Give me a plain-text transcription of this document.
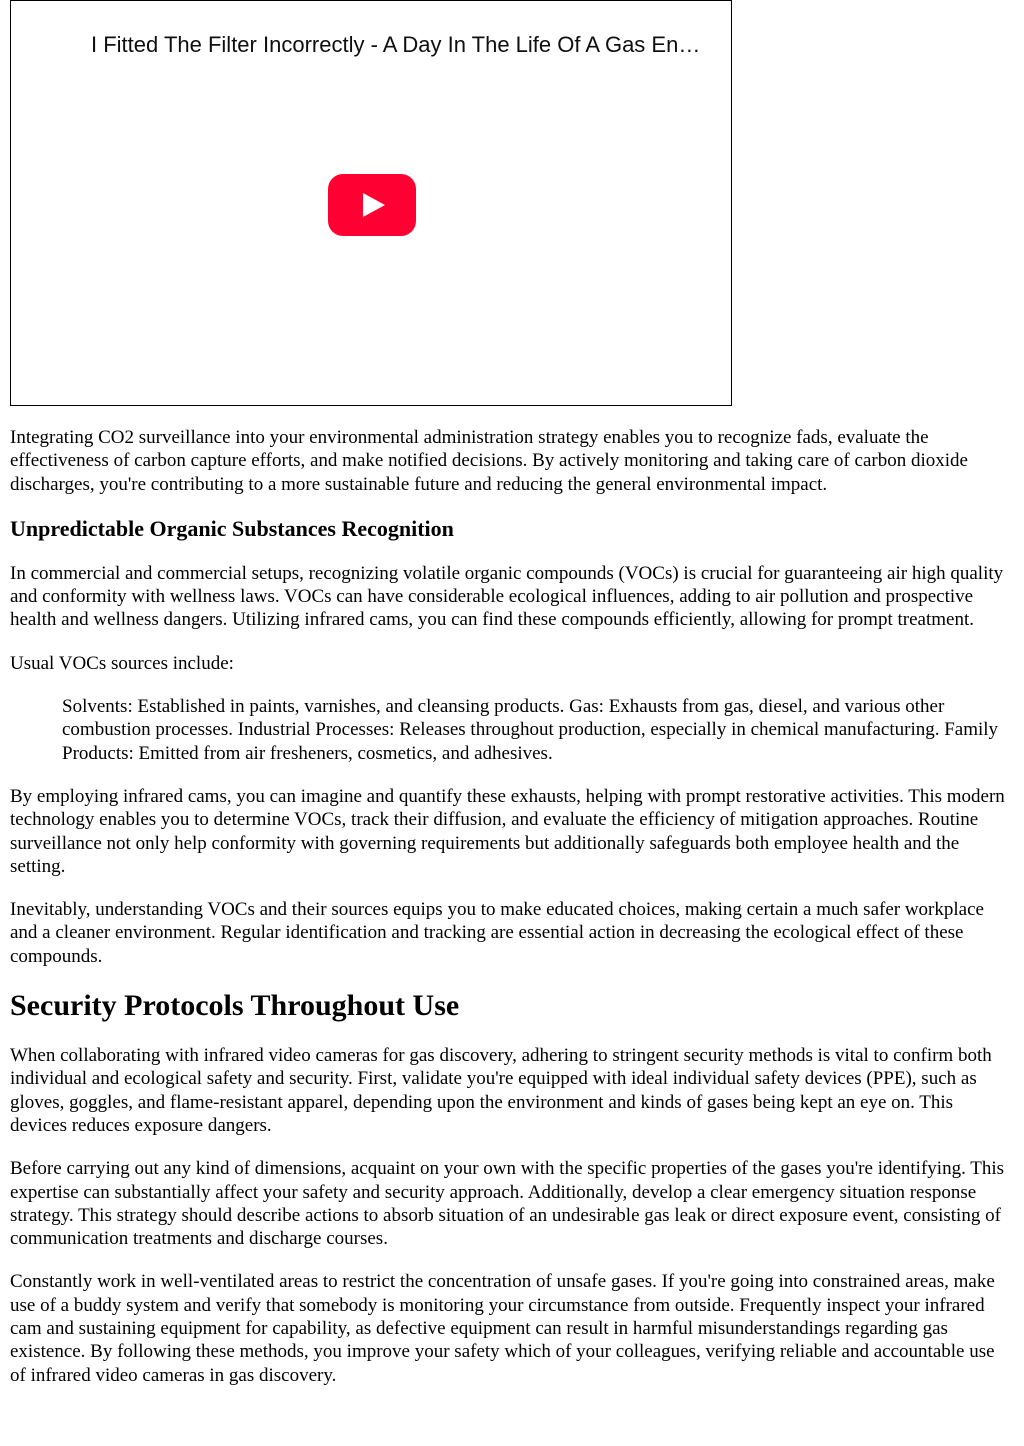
I Fitted The Filter Incorrectly - A Day In The Life Of A Gas En…

Integrating CO2 surveillance into your environmental administration strategy enables you to recognize fads, evaluate the effectiveness of carbon capture efforts, and make notified decisions. By actively monitoring and taking care of carbon dioxide discharges, you're contributing to a more sustainable future and reducing the general environmental impact.

Unpredictable Organic Substances Recognition

In commercial and commercial setups, recognizing volatile organic compounds (VOCs) is crucial for guaranteeing air high quality and conformity with wellness laws. VOCs can have considerable ecological influences, adding to air pollution and prospective health and wellness dangers. Utilizing infrared cams, you can find these compounds efficiently, allowing for prompt treatment.

Usual VOCs sources include:

Solvents: Established in paints, varnishes, and cleansing products. Gas: Exhausts from gas, diesel, and various other combustion processes. Industrial Processes: Releases throughout production, especially in chemical manufacturing. Family Products: Emitted from air fresheners, cosmetics, and adhesives.

By employing infrared cams, you can imagine and quantify these exhausts, helping with prompt restorative activities. This modern technology enables you to determine VOCs, track their diffusion, and evaluate the efficiency of mitigation approaches. Routine surveillance not only help conformity with governing requirements but additionally safeguards both employee health and the setting.

Inevitably, understanding VOCs and their sources equips you to make educated choices, making certain a much safer workplace and a cleaner environment. Regular identification and tracking are essential action in decreasing the ecological effect of these compounds.

Security Protocols Throughout Use

When collaborating with infrared video cameras for gas discovery, adhering to stringent security methods is vital to confirm both individual and ecological safety and security. First, validate you're equipped with ideal individual safety devices (PPE), such as gloves, goggles, and flame-resistant apparel, depending upon the environment and kinds of gases being kept an eye on. This devices reduces exposure dangers.

Before carrying out any kind of dimensions, acquaint on your own with the specific properties of the gases you're identifying. This expertise can substantially affect your safety and security approach. Additionally, develop a clear emergency situation response strategy. This strategy should describe actions to absorb situation of an undesirable gas leak or direct exposure event, consisting of communication treatments and discharge courses.

Constantly work in well-ventilated areas to restrict the concentration of unsafe gases. If you're going into constrained areas, make use of a buddy system and verify that somebody is monitoring your circumstance from outside. Frequently inspect your infrared cam and sustaining equipment for capability, as defective equipment can result in harmful misunderstandings regarding gas existence. By following these methods, you improve your safety which of your colleagues, verifying reliable and accountable use of infrared video cameras in gas discovery.
